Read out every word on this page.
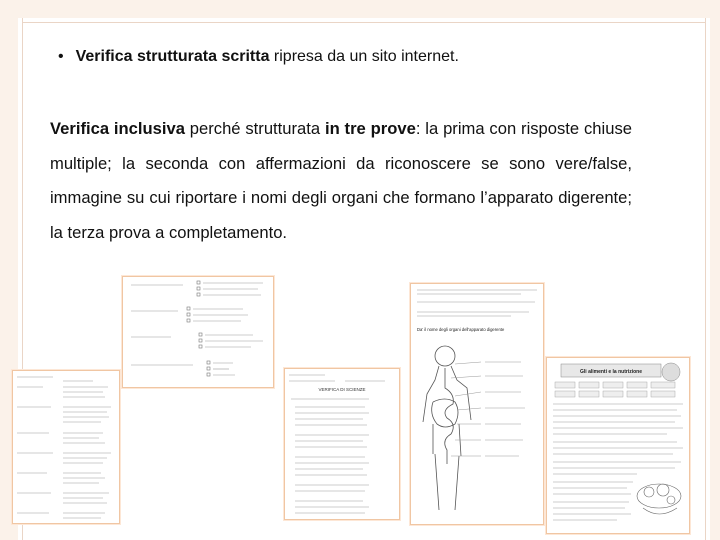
• Verifica strutturata scritta ripresa da un sito internet.
Verifica inclusiva perché strutturata in tre prove: la prima con risposte chiuse multiple; la seconda con affermazioni da riconoscere se sono vere/false, immagine su cui riportare i nomi degli organi che formano l’apparato digerente; la terza prova a completamento.
VERIFICA DI SCIENZE
Da' il nome degli organi dell'apparato digerente
Gli alimenti e la nutrizione
